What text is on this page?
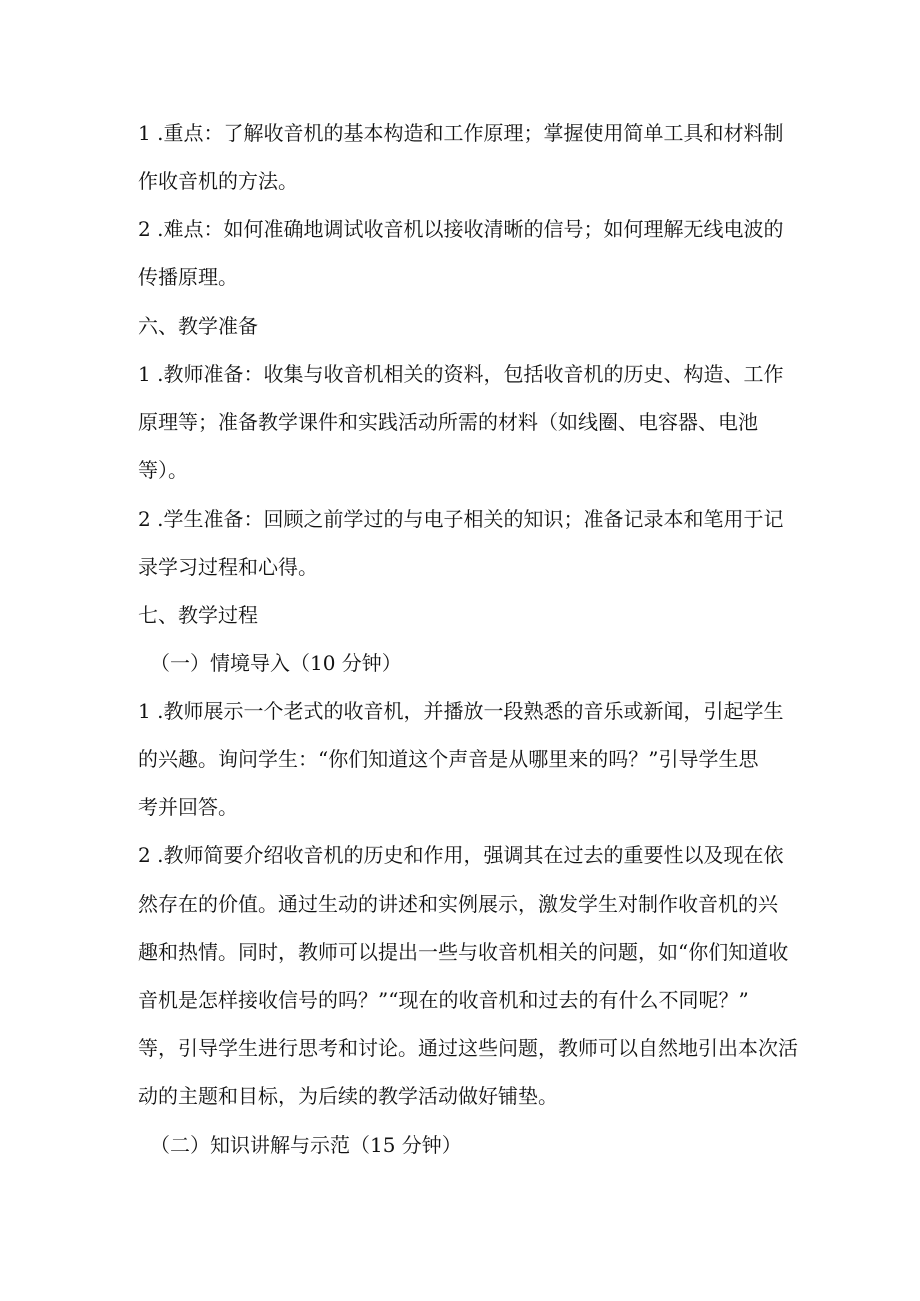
1 .重点：了解收音机的基本构造和工作原理；掌握使用简单工具和材料制
作收音机的方法。
2 .难点：如何准确地调试收音机以接收清晰的信号；如何理解无线电波的
传播原理。
六、教学准备
1 .教师准备：收集与收音机相关的资料，包括收音机的历史、构造、工作
原理等；准备教学课件和实践活动所需的材料（如线圈、电容器、电池
等）。
2 .学生准备：回顾之前学过的与电子相关的知识；准备记录本和笔用于记
录学习过程和心得。
七、教学过程
（一）情境导入（10 分钟）
1 .教师展示一个老式的收音机，并播放一段熟悉的音乐或新闻，引起学生
的兴趣。询问学生：“你们知道这个声音是从哪里来的吗？”引导学生思
考并回答。
2 .教师简要介绍收音机的历史和作用，强调其在过去的重要性以及现在依
然存在的价值。通过生动的讲述和实例展示，激发学生对制作收音机的兴
趣和热情。同时，教师可以提出一些与收音机相关的问题，如“你们知道收
音机是怎样接收信号的吗？”“现在的收音机和过去的有什么不同呢？”
等，引导学生进行思考和讨论。通过这些问题，教师可以自然地引出本次活
动的主题和目标，为后续的教学活动做好铺垫。
（二）知识讲解与示范（15 分钟）
